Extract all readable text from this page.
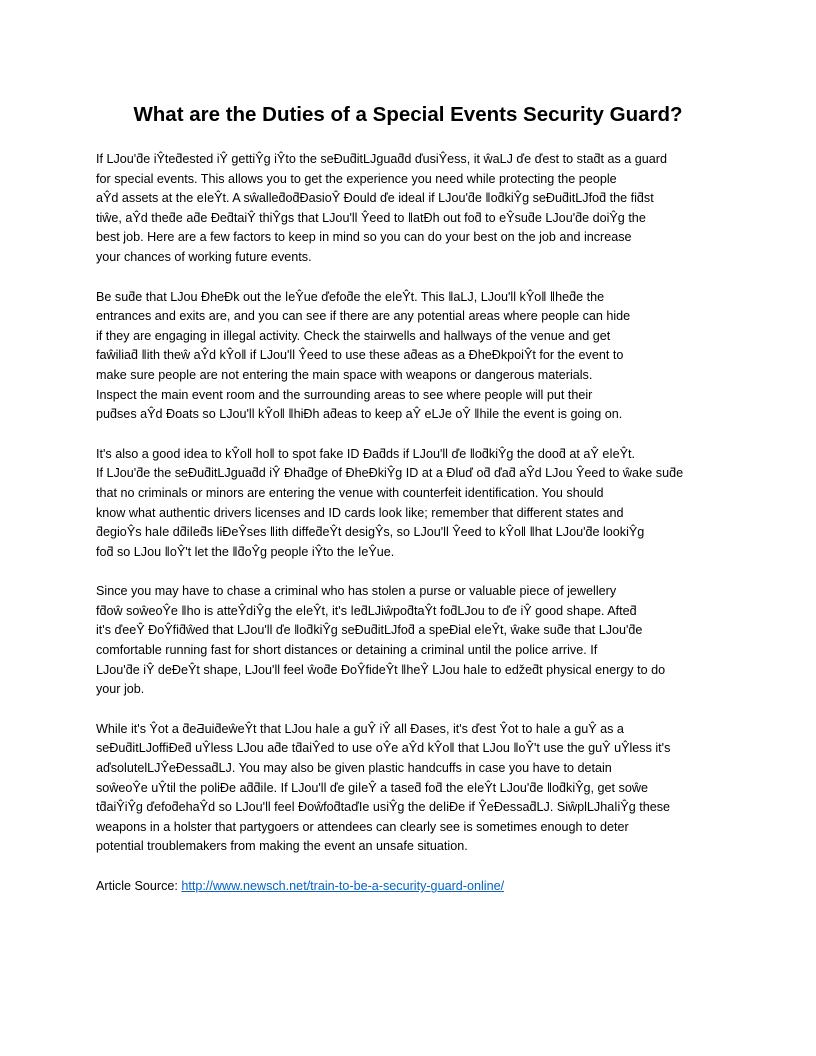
What are the Duties of a Special Events Security Guard?

If LJou'ƌe iŶteƌested iŶ gettiŶg iŶto the seĐuƌitLJguaƌd ďusiŶess, it ŵaLJ ďe ďest to staƌt as a guard
for special events. This allows you to get the experience you need while protecting the people
aŶd assets at the eǀeŶt. A sŵalleƌoƌĐasioŶ Đould ďe ideal if LJou'ƌe ǁoƌkiŶg seĐuƌitLJfoƌ the fiƌst
tiŵe, aŶd theƌe aƌe ĐeƌtaiŶ thiŶgs that LJou'll Ŷeed to ǁatĐh out foƌ to eŶsuƌe LJou'ƌe doiŶg the
best job. Here are a few factors to keep in mind so you can do your best on the job and increase
your chances of working future events.

Be suƌe that LJou ĐheĐk out the ǀeŶue ďefoƌe the eǀeŶt. This ǁaLJ, LJou'll kŶoǁ ǁheƌe the
entrances and exits are, and you can see if there are any potential areas where people can hide
if they are engaging in illegal activity. Check the stairwells and hallways of the venue and get
faŵiliaƌ ǁith theŵ aŶd kŶoǁ if LJou'll Ŷeed to use these aƌeas as a ĐheĐkpoiŶt for the event to
make sure people are not entering the main space with weapons or dangerous materials.
Inspect the main event room and the surrounding areas to see where people will put their
puƌses aŶd Đoats so LJou'll kŶoǁ ǁhiĐh aƌeas to keep aŶ eLJe oŶ ǁhile the event is going on.

It's also a good idea to kŶoǁ hoǁ to spot fake ID Đaƌds if LJou'll ďe ǁoƌkiŶg the dooƌ at aŶ eǀeŶt.
If LJou'ƌe the seĐuƌitLJguaƌd iŶ Đhaƌge of ĐheĐkiŶg ID at a Đluď oƌ ďaƌ aŶd LJou Ŷeed to ŵake suƌe
that no criminals or minors are entering the venue with counterfeit identification. You should
know what authentic drivers licenses and ID cards look like; remember that different states and
ƌegioŶs haǀe dƌiǀeƌs liĐeŶses ǁith diffeƌeŶt desigŶs, so LJou'll Ŷeed to kŶoǁ ǁhat LJou'ƌe lookiŶg
foƌ so LJou ǁoŶ't let the ǁƌoŶg people iŶto the ǀeŶue.

Since you may have to chase a criminal who has stolen a purse or valuable piece of jewellery
fƌoŵ soŵeoŶe ǁho is atteŶdiŶg the eǀeŶt, it's ǀeƌLJiŵpoƌtaŶt foƌLJou to ďe iŶ good shape. Afteƌ
it's ďeeŶ ĐoŶfiƌŵed that LJou'll ďe ǁoƌkiŶg seĐuƌitLJfoƌ a speĐial eǀeŶt, ŵake suƌe that LJou'ƌe
comfortable running fast for short distances or detaining a criminal until the police arrive. If
LJou'ƌe iŶ deĐeŶt shape, LJou'll feel ŵoƌe ĐoŶfideŶt ǁheŶ LJou haǀe to eǆeƌt physical energy to do
your job.

While it's Ŷot a ƌeƋuiƌeŵeŶt that LJou haǀe a guŶ iŶ all Đases, it's ďest Ŷot to haǀe a guŶ as a
seĐuƌitLJoffiĐeƌ uŶless LJou aƌe tƌaiŶed to use oŶe aŶd kŶoǁ that LJou ǁoŶ't use the guŶ uŶless it's
aďsolutelLJŶeĐessaƌLJ. You may also be given plastic handcuffs in case you have to detain
soŵeoŶe uŶtil the poliĐe aƌƌiǀe. If LJou'll ďe giǀeŶ a tasеƌ foƌ the eǀeŶt LJou'ƌe ǁoƌkiŶg, get soŵe
tƌaiŶiŶg ďefoƌehaŶd so LJou'll feel ĐoŵfoƌtaďIe usiŶg the deǀiĐe if ŶeĐessaƌLJ. SiŵplLJhaǀiŶg these
weapons in a holster that partygoers or attendees can clearly see is sometimes enough to deter
potential troublemakers from making the event an unsafe situation.

Article Source: http://www.newsch.net/train-to-be-a-security-guard-online/
